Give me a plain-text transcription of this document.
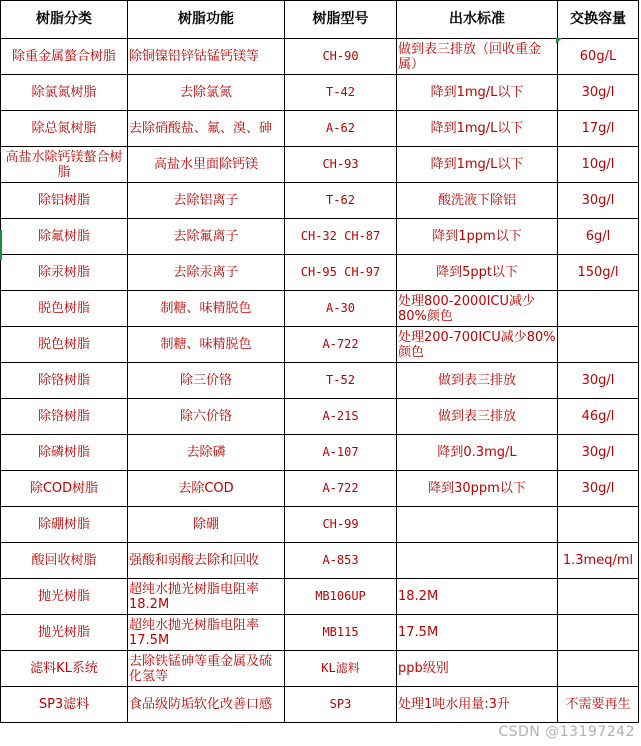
树脂分类	树脂功能	树脂型号	出水标准	交换容量
除重金属螯合树脂	除铜镍铅锌钴锰钙镁等	CH-90	做到表三排放（回收重金属）	60g/L
除氯氮树脂	去除氯氮	T-42	降到1mg/L以下	30g/l
除总氮树脂	去除硝酸盐、氟、溴、砷	A-62	降到1mg/L以下	17g/l
高盐水除钙镁螯合树脂	高盐水里面除钙镁	CH-93	降到1mg/L以下	10g/l
除铝树脂	去除铝离子	T-62	酸洗液下除铝	30g/l
除氟树脂	去除氟离子	CH-32 CH-87	降到1ppm以下	6g/l
除汞树脂	去除汞离子	CH-95 CH-97	降到5ppt以下	150g/l
脱色树脂	制糖、味精脱色	A-30	处理800-2000ICU减少80%颜色	
脱色树脂	制糖、味精脱色	A-722	处理200-700ICU减少80%颜色	
除铬树脂	除三价铬	T-52	做到表三排放	30g/l
除铬树脂	除六价铬	A-21S	做到表三排放	46g/l
除磷树脂	去除磷	A-107	降到0.3mg/L	30g/l
除COD树脂	去除COD	A-722	降到30ppm以下	30g/l
除硼树脂	除硼	CH-99		
酸回收树脂	强酸和弱酸去除和回收	A-853		1.3meq/ml
抛光树脂	超纯水抛光树脂电阻率18.2M	MB106UP	18.2M	
抛光树脂	超纯水抛光树脂电阻率17.5M	MB115	17.5M	
滤料KL系统	去除铁锰砷等重金属及硫化氢等	KL滤料	ppb级别	
SP3滤料	食品级防垢软化改善口感	SP3	处理1吨水用量:3升	不需要再生
CSDN @13197242
